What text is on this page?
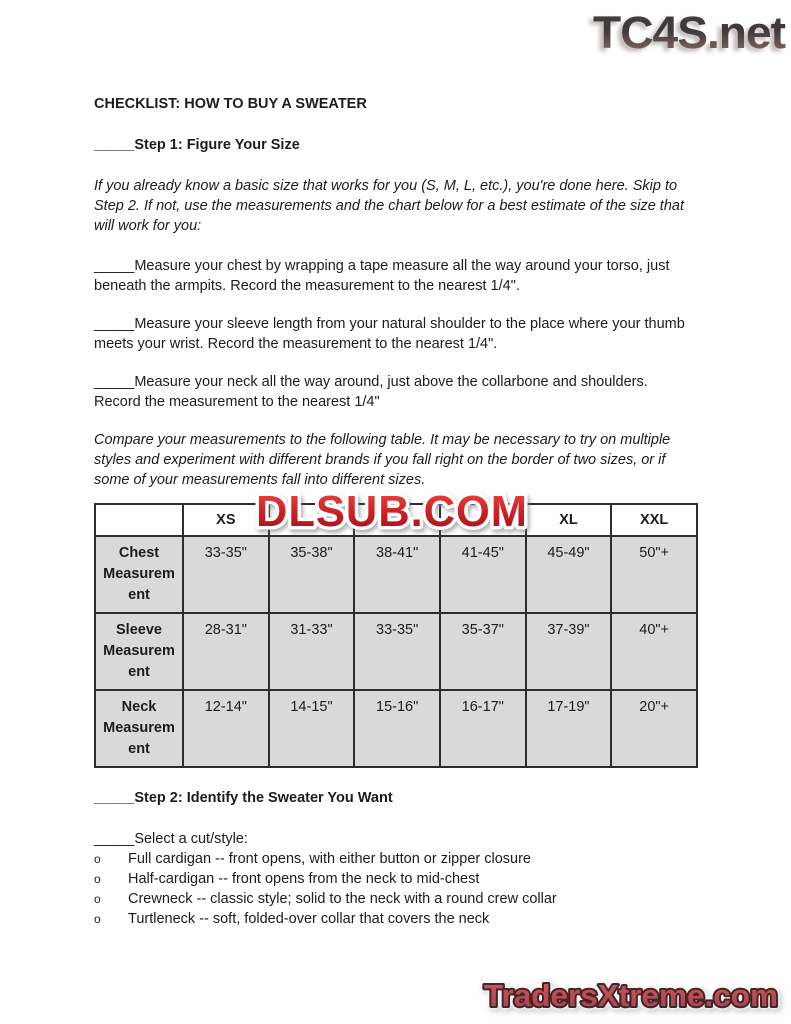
TC4S.net
CHECKLIST: HOW TO BUY A SWEATER
_____Step 1: Figure Your Size

If you already know a basic size that works for you (S, M, L, etc.), you're done here. Skip to Step 2. If not, use the measurements and the chart below for a best estimate of the size that will work for you:

_____Measure your chest by wrapping a tape measure all the way around your torso, just beneath the armpits. Record the measurement to the nearest 1/4".

_____Measure your sleeve length from your natural shoulder to the place where your thumb meets your wrist. Record the measurement to the nearest 1/4".

_____Measure your neck all the way around, just above the collarbone and shoulders. Record the measurement to the nearest 1/4"

Compare your measurements to the following table. It may be necessary to try on multiple styles and experiment with different brands if you fall right on the border of two sizes, or if some of your measurements fall into different sizes.

	XS				XL	XXL
Chest Measurement	33-35"	35-38"	38-41"	41-45"	45-49"	50"+
Sleeve Measurement	28-31"	31-33"	33-35"	35-37"	37-39"	40"+
Neck Measurement	12-14"	14-15"	15-16"	16-17"	17-19"	20"+
DLSUB.COM
_____Step 2: Identify the Sweater You Want

_____Select a cut/style:

o	Full cardigan -- front opens, with either button or zipper closure
o	Half-cardigan -- front opens from the neck to mid-chest
o	Crewneck -- classic style; solid to the neck with a round crew collar
o	Turtleneck -- soft, folded-over collar that covers the neck
TradersXtreme.com
